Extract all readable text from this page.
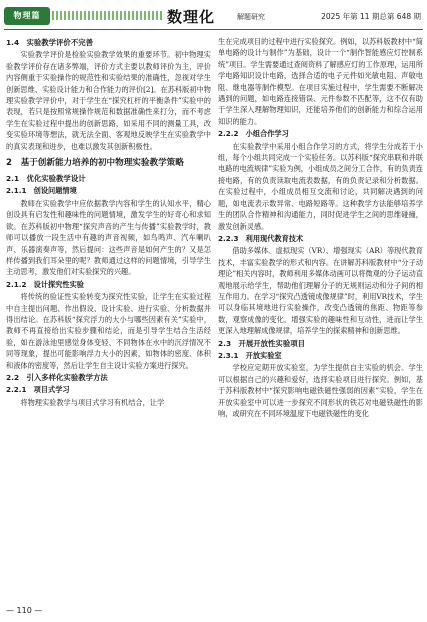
物理篇	数理化	解题研究	2025 年第 11 期总第 648 期
1.4　实验教学评价不完善

实验教学评价是检验实验教学效果的重要环节。初中物理实验教学评价存在诸多弊端，评价方式主要以教师评价为主，评价内容侧重于实验操作的规范性和实验结果的准确性，忽视对学生创新思维、实验设计能力和合作能力的评价[2]。在苏科版初中物理实验教学评价中，对于学生在“探究杠杆的平衡条件”实验中的表现，若只是按照常规操作规范和数据准确性来打分，而不考虑学生在实验过程中提出的创新思路，如采用不同的测量工具，改变实验环境等想法，就无法全面、客观地反映学生在实验教学中的真实表现和进步，也难以激发其创新积极性。

2　基于创新能力培养的初中物理实验教学策略
2.1　优化实验教学设计
2.1.1　创设问题情境

教师在实验教学中应依据教学内容和学生的认知水平，精心创设具有启发性和趣味性的问题情境，激发学生的好奇心和求知欲。在苏科版初中物理“探究声音的产生与传播”实验教学时，教师可以播放一段生活中有趣的声音视频，如鸟鸣声、汽车喇叭声、乐器演奏声等，然后提问：这些声音是如何产生的？又是怎样传播到我们耳朵里的呢？教师通过这样的问题情境，引导学生主动思考，激发他们对实验探究的兴趣。

2.1.2　设计探究性实验

将传统的验证性实验转变为探究性实验，让学生在实验过程中自主提出问题、作出假设、设计实验、进行实验、分析数据并得出结论。在苏科版“探究浮力的大小与哪些因素有关”实验中，教师不再直接给出实验步骤和结论，而是引导学生结合生活经验，如在游泳池里感觉身体变轻、不同物体在水中的沉浮情况不同等现象，提出可能影响浮力大小的因素，如物体的密度、体积和液体的密度等，然后让学生自主设计实验方案进行探究。

2.2　引入多样化实验教学方法
2.2.1　项目式学习

将物理实验教学与项目式学习有机结合，让学

生在完成项目的过程中进行实验探究。例如，以苏科版教材中“简单电路的设计与制作”为基础，设计一个“制作智能感应灯控制系统”项目。学生需要通过查阅资料了解感应灯的工作原理，运用所学电路知识设计电路，选择合适的电子元件如光敏电阻、声敏电阻、继电器等制作模型。在项目实施过程中，学生需要不断解决遇到的问题，如电路连接错误、元件参数不匹配等，这不仅有助于学生深入理解物理知识，还能培养他们的创新能力和综合运用知识的能力。

2.2.2　小组合作学习

在实验教学中采用小组合作学习的方式，将学生分成若干小组，每个小组共同完成一个实验任务。以苏科版“探究串联和并联电路的电流规律”实验为例，小组成员之间分工合作，有的负责连接电路，有的负责读取电流表数据，有的负责记录和分析数据。在实验过程中，小组成员相互交流和讨论，共同解决遇到的问题，如电流表示数异常、电路短路等。这种教学方法能够培养学生的团队合作精神和沟通能力，同时促进学生之间的思维碰撞，激发创新灵感。

2.2.3　利用现代教育技术

借助多媒体、虚拟现实（VR）、增强现实（AR）等现代教育技术，丰富实验教学的形式和内容。在讲解苏科版教材中“分子动理论”相关内容时，教师利用多媒体动画可以将微观的分子运动直观地展示给学生，帮助他们理解分子的无规则运动和分子间的相互作用力。在学习“探究凸透镜成像规律”时，利用VR技术，学生可以身临其境地进行实验操作，改变凸透镜的焦距、物距等参数，观察成像的变化，增强实验的趣味性和互动性，进而让学生更深入地理解成像规律，培养学生的探索精神和创新思维。

2.3　开展开放性实验项目
2.3.1　开放实验室

学校应定期开放实验室，为学生提供自主实验的机会。学生可以根据自己的兴趣和爱好，选择实验项目进行探究。例如，基于苏科版教材中“探究影响电磁铁磁性强弱的因素”实验，学生在开放实验室中可以进一步探究不同形状的铁芯对电磁铁磁性的影响，或研究在不同环境温度下电磁铁磁性的变化

— 110 —
